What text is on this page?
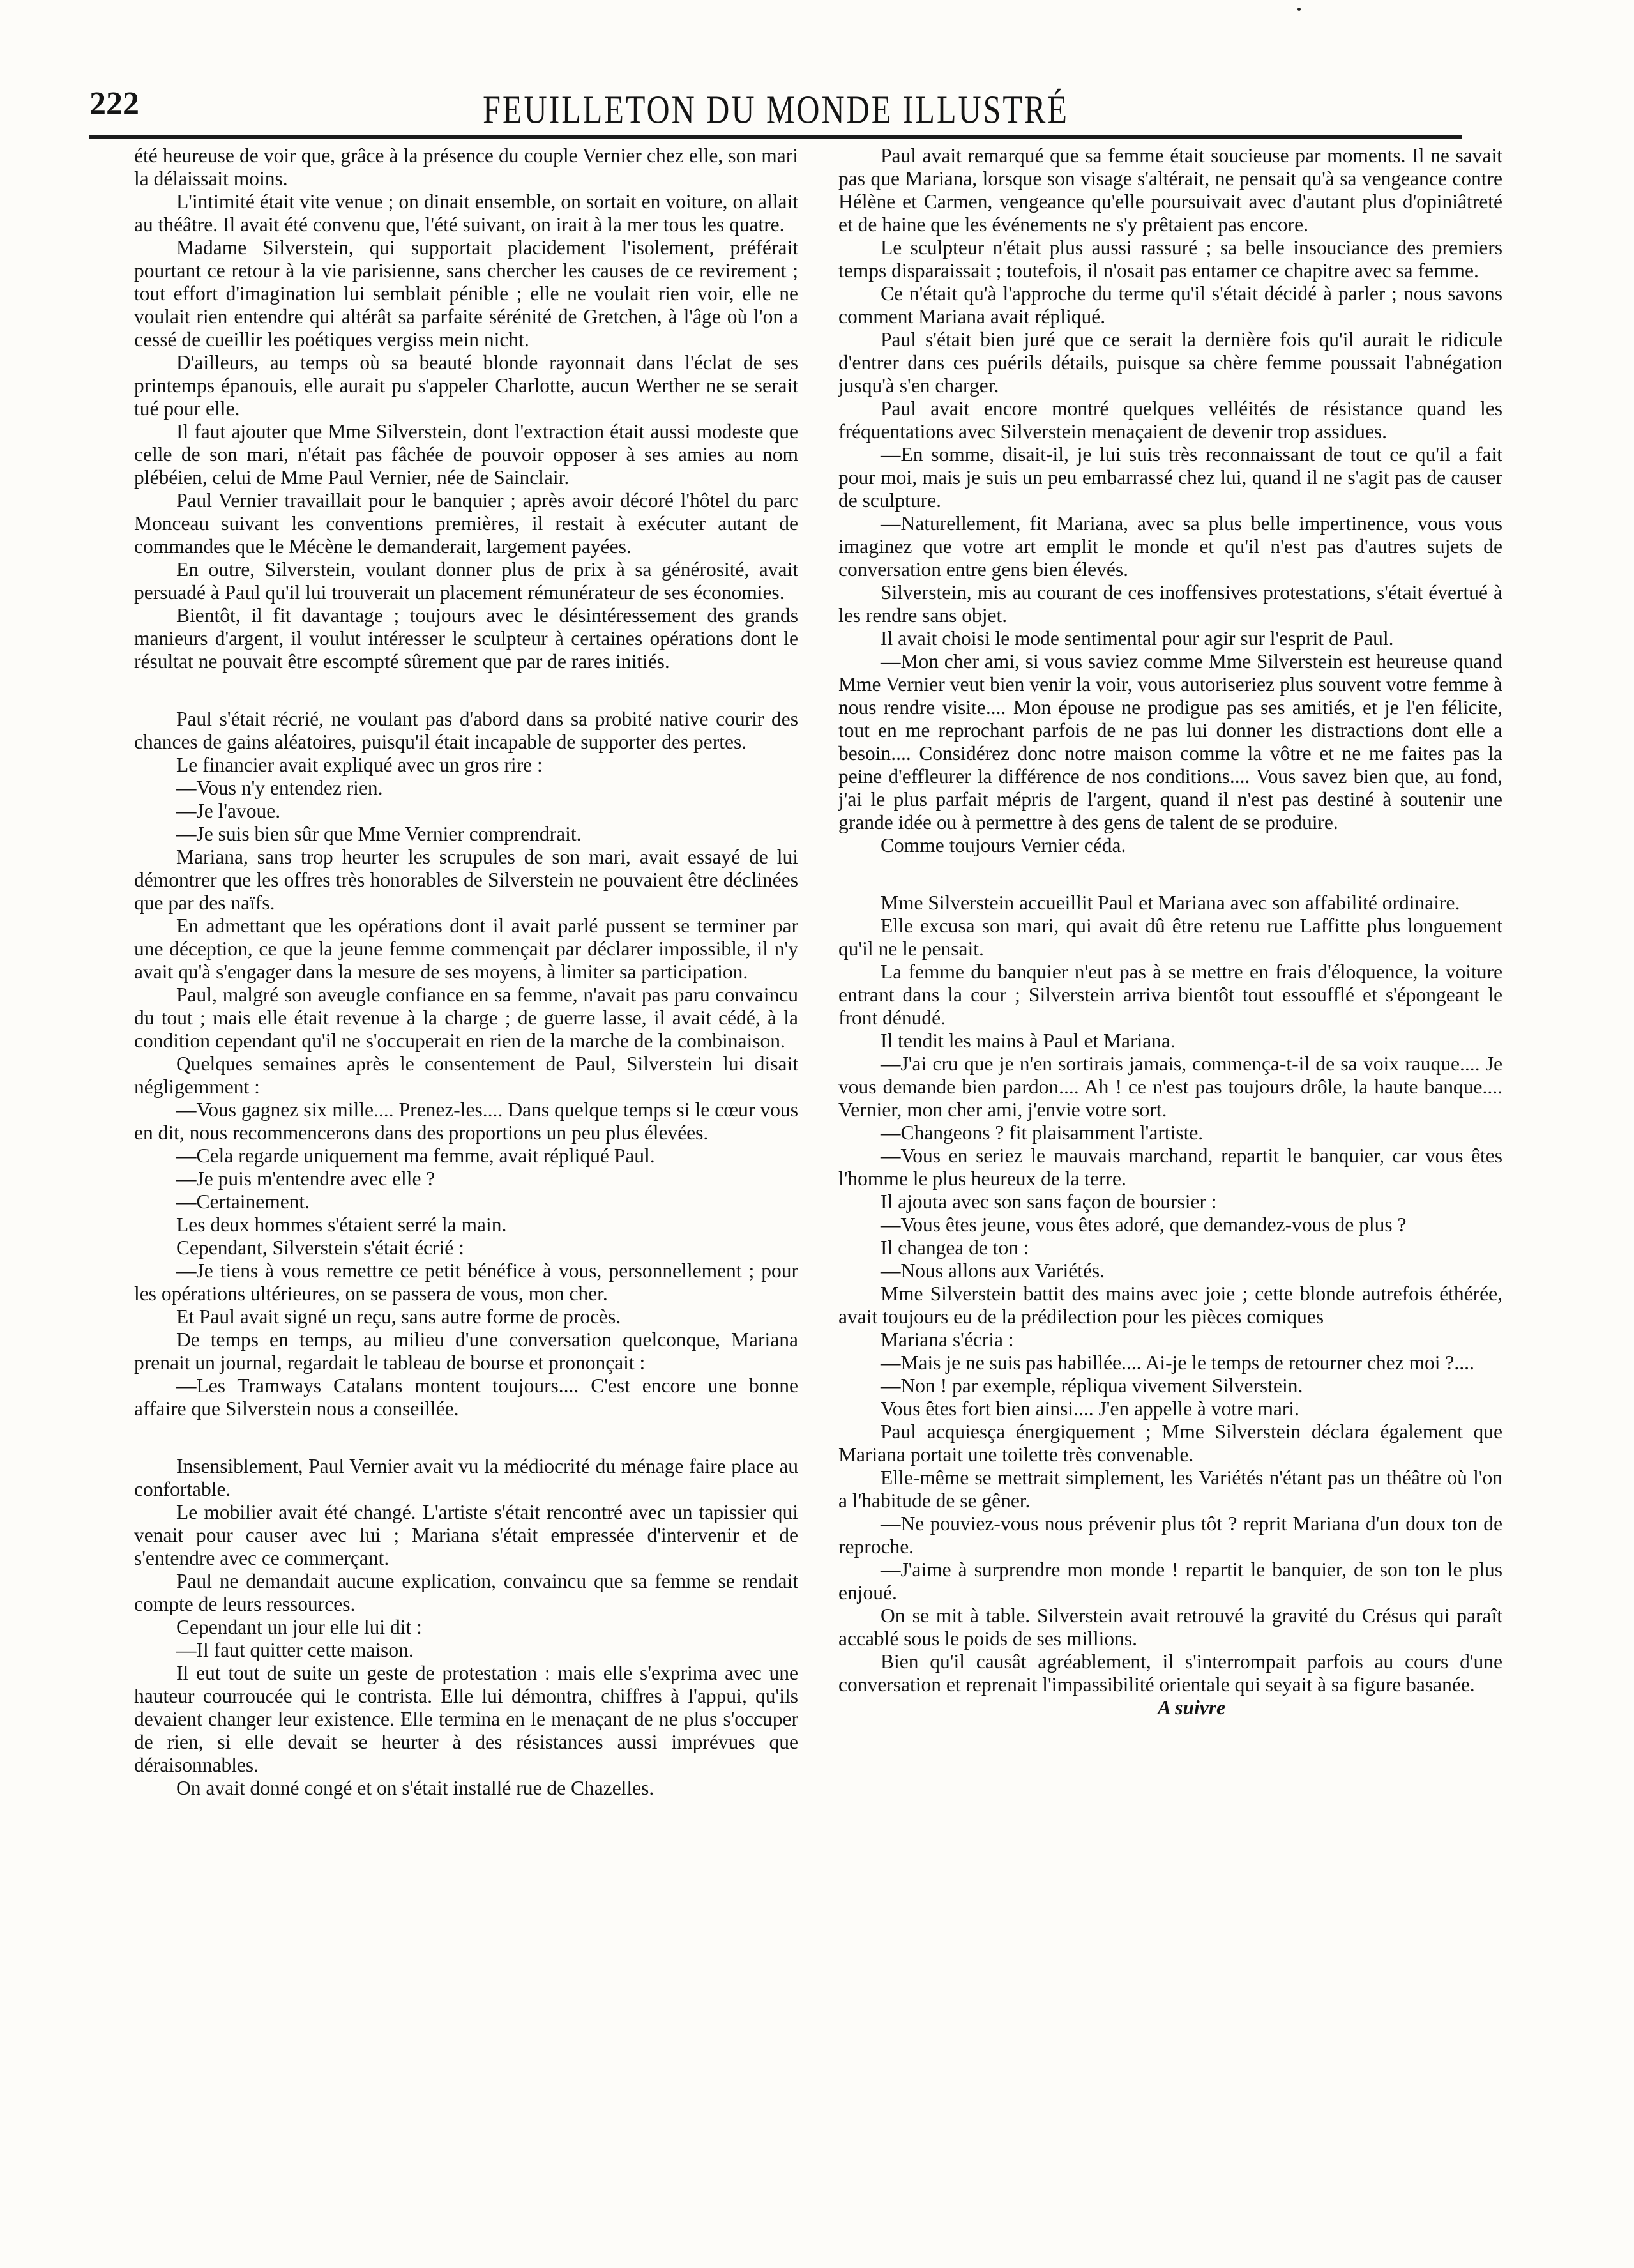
222	FEUILLETON DU MONDE ILLUSTRÉ

été heureuse de voir que, grâce à la présence du couple Vernier chez elle, son mari la délaissait moins.

L'intimité était vite venue ; on dinait ensemble, on sortait en voiture, on allait au théâtre. Il avait été convenu que, l'été suivant, on irait à la mer tous les quatre.

Madame Silverstein, qui supportait placidement l'isolement, préférait pourtant ce retour à la vie parisienne, sans chercher les causes de ce revirement ; tout effort d'imagination lui semblait pénible ; elle ne voulait rien voir, elle ne voulait rien entendre qui altérât sa parfaite sérénité de Gretchen, à l'âge où l'on a cessé de cueillir les poétiques vergiss mein nicht.

D'ailleurs, au temps où sa beauté blonde rayonnait dans l'éclat de ses printemps épanouis, elle aurait pu s'appeler Charlotte, aucun Werther ne se serait tué pour elle.

Il faut ajouter que Mme Silverstein, dont l'extraction était aussi modeste que celle de son mari, n'était pas fâchée de pouvoir opposer à ses amies au nom plébéien, celui de Mme Paul Vernier, née de Sainclair.

Paul Vernier travaillait pour le banquier ; après avoir décoré l'hôtel du parc Monceau suivant les conventions premières, il restait à exécuter autant de commandes que le Mécène le demanderait, largement payées.

En outre, Silverstein, voulant donner plus de prix à sa générosité, avait persuadé à Paul qu'il lui trouverait un placement rémunérateur de ses économies.

Bientôt, il fit davantage ; toujours avec le désintéressement des grands manieurs d'argent, il voulut intéresser le sculpteur à certaines opérations dont le résultat ne pouvait être escompté sûrement que par de rares initiés.

Paul s'était récrié, ne voulant pas d'abord dans sa probité native courir des chances de gains aléatoires, puisqu'il était incapable de supporter des pertes.

Le financier avait expliqué avec un gros rire :

—Vous n'y entendez rien.

—Je l'avoue.

—Je suis bien sûr que Mme Vernier comprendrait.

Mariana, sans trop heurter les scrupules de son mari, avait essayé de lui démontrer que les offres très honorables de Silverstein ne pouvaient être déclinées que par des naïfs.

En admettant que les opérations dont il avait parlé pussent se terminer par une déception, ce que la jeune femme commençait par déclarer impossible, il n'y avait qu'à s'engager dans la mesure de ses moyens, à limiter sa participation.

Paul, malgré son aveugle confiance en sa femme, n'avait pas paru convaincu du tout ; mais elle était revenue à la charge ; de guerre lasse, il avait cédé, à la condition cependant qu'il ne s'occuperait en rien de la marche de la combinaison.

Quelques semaines après le consentement de Paul, Silverstein lui disait négligemment :

—Vous gagnez six mille.... Prenez-les.... Dans quelque temps si le cœur vous en dit, nous recommencerons dans des proportions un peu plus élevées.

—Cela regarde uniquement ma femme, avait répliqué Paul.

—Je puis m'entendre avec elle ?

—Certainement.

Les deux hommes s'étaient serré la main.

Cependant, Silverstein s'était écrié :

—Je tiens à vous remettre ce petit bénéfice à vous, personnellement ; pour les opérations ultérieures, on se passera de vous, mon cher.

Et Paul avait signé un reçu, sans autre forme de procès.

De temps en temps, au milieu d'une conversation quelconque, Mariana prenait un journal, regardait le tableau de bourse et prononçait :

—Les Tramways Catalans montent toujours.... C'est encore une bonne affaire que Silverstein nous a conseillée.

Insensiblement, Paul Vernier avait vu la médiocrité du ménage faire place au confortable.

Le mobilier avait été changé. L'artiste s'était rencontré avec un tapissier qui venait pour causer avec lui ; Mariana s'était empressée d'intervenir et de s'entendre avec ce commerçant.

Paul ne demandait aucune explication, convaincu que sa femme se rendait compte de leurs ressources.

Cependant un jour elle lui dit :

—Il faut quitter cette maison.

Il eut tout de suite un geste de protestation : mais elle s'exprima avec une hauteur courroucée qui le contrista. Elle lui démontra, chiffres à l'appui, qu'ils devaient changer leur existence. Elle termina en le menaçant de ne plus s'occuper de rien, si elle devait se heurter à des résistances aussi imprévues que déraisonnables.

On avait donné congé et on s'était installé rue de Chazelles.

Paul avait remarqué que sa femme était soucieuse par moments. Il ne savait pas que Mariana, lorsque son visage s'altérait, ne pensait qu'à sa vengeance contre Hélène et Carmen, vengeance qu'elle poursuivait avec d'autant plus d'opiniâtreté et de haine que les événements ne s'y prêtaient pas encore.

Le sculpteur n'était plus aussi rassuré ; sa belle insouciance des premiers temps disparaissait ; toutefois, il n'osait pas entamer ce chapitre avec sa femme.

Ce n'était qu'à l'approche du terme qu'il s'était décidé à parler ; nous savons comment Mariana avait répliqué.

Paul s'était bien juré que ce serait la dernière fois qu'il aurait le ridicule d'entrer dans ces puérils détails, puisque sa chère femme poussait l'abnégation jusqu'à s'en charger.

Paul avait encore montré quelques velléités de résistance quand les fréquentations avec Silverstein menaçaient de devenir trop assidues.

—En somme, disait-il, je lui suis très reconnaissant de tout ce qu'il a fait pour moi, mais je suis un peu embarrassé chez lui, quand il ne s'agit pas de causer de sculpture.

—Naturellement, fit Mariana, avec sa plus belle impertinence, vous vous imaginez que votre art emplit le monde et qu'il n'est pas d'autres sujets de conversation entre gens bien élevés.

Silverstein, mis au courant de ces inoffensives protestations, s'était évertué à les rendre sans objet.

Il avait choisi le mode sentimental pour agir sur l'esprit de Paul.

—Mon cher ami, si vous saviez comme Mme Silverstein est heureuse quand Mme Vernier veut bien venir la voir, vous autoriseriez plus souvent votre femme à nous rendre visite.... Mon épouse ne prodigue pas ses amitiés, et je l'en félicite, tout en me reprochant parfois de ne pas lui donner les distractions dont elle a besoin.... Considérez donc notre maison comme la vôtre et ne me faites pas la peine d'effleurer la différence de nos conditions.... Vous savez bien que, au fond, j'ai le plus parfait mépris de l'argent, quand il n'est pas destiné à soutenir une grande idée ou à permettre à des gens de talent de se produire.

Comme toujours Vernier céda.

Mme Silverstein accueillit Paul et Mariana avec son affabilité ordinaire.

Elle excusa son mari, qui avait dû être retenu rue Laffitte plus longuement qu'il ne le pensait.

La femme du banquier n'eut pas à se mettre en frais d'éloquence, la voiture entrant dans la cour ; Silverstein arriva bientôt tout essoufflé et s'épongeant le front dénudé.

Il tendit les mains à Paul et Mariana.

—J'ai cru que je n'en sortirais jamais, commença-t-il de sa voix rauque.... Je vous demande bien pardon.... Ah ! ce n'est pas toujours drôle, la haute banque.... Vernier, mon cher ami, j'envie votre sort.

—Changeons ? fit plaisamment l'artiste.

—Vous en seriez le mauvais marchand, repartit le banquier, car vous êtes l'homme le plus heureux de la terre.

Il ajouta avec son sans façon de boursier :

—Vous êtes jeune, vous êtes adoré, que demandez-vous de plus ?

Il changea de ton :

—Nous allons aux Variétés.

Mme Silverstein battit des mains avec joie ; cette blonde autrefois éthérée, avait toujours eu de la prédilection pour les pièces comiques

Mariana s'écria :

—Mais je ne suis pas habillée.... Ai-je le temps de retourner chez moi ?....

—Non ! par exemple, répliqua vivement Silverstein.

Vous êtes fort bien ainsi.... J'en appelle à votre mari.

Paul acquiesça énergiquement ; Mme Silverstein déclara également que Mariana portait une toilette très convenable.

Elle-même se mettrait simplement, les Variétés n'étant pas un théâtre où l'on a l'habitude de se gêner.

—Ne pouviez-vous nous prévenir plus tôt ? reprit Mariana d'un doux ton de reproche.

—J'aime à surprendre mon monde ! repartit le banquier, de son ton le plus enjoué.

On se mit à table. Silverstein avait retrouvé la gravité du Crésus qui paraît accablé sous le poids de ses millions.

Bien qu'il causât agréablement, il s'interrompait parfois au cours d'une conversation et reprenait l'impassibilité orientale qui seyait à sa figure basanée.

A suivre
